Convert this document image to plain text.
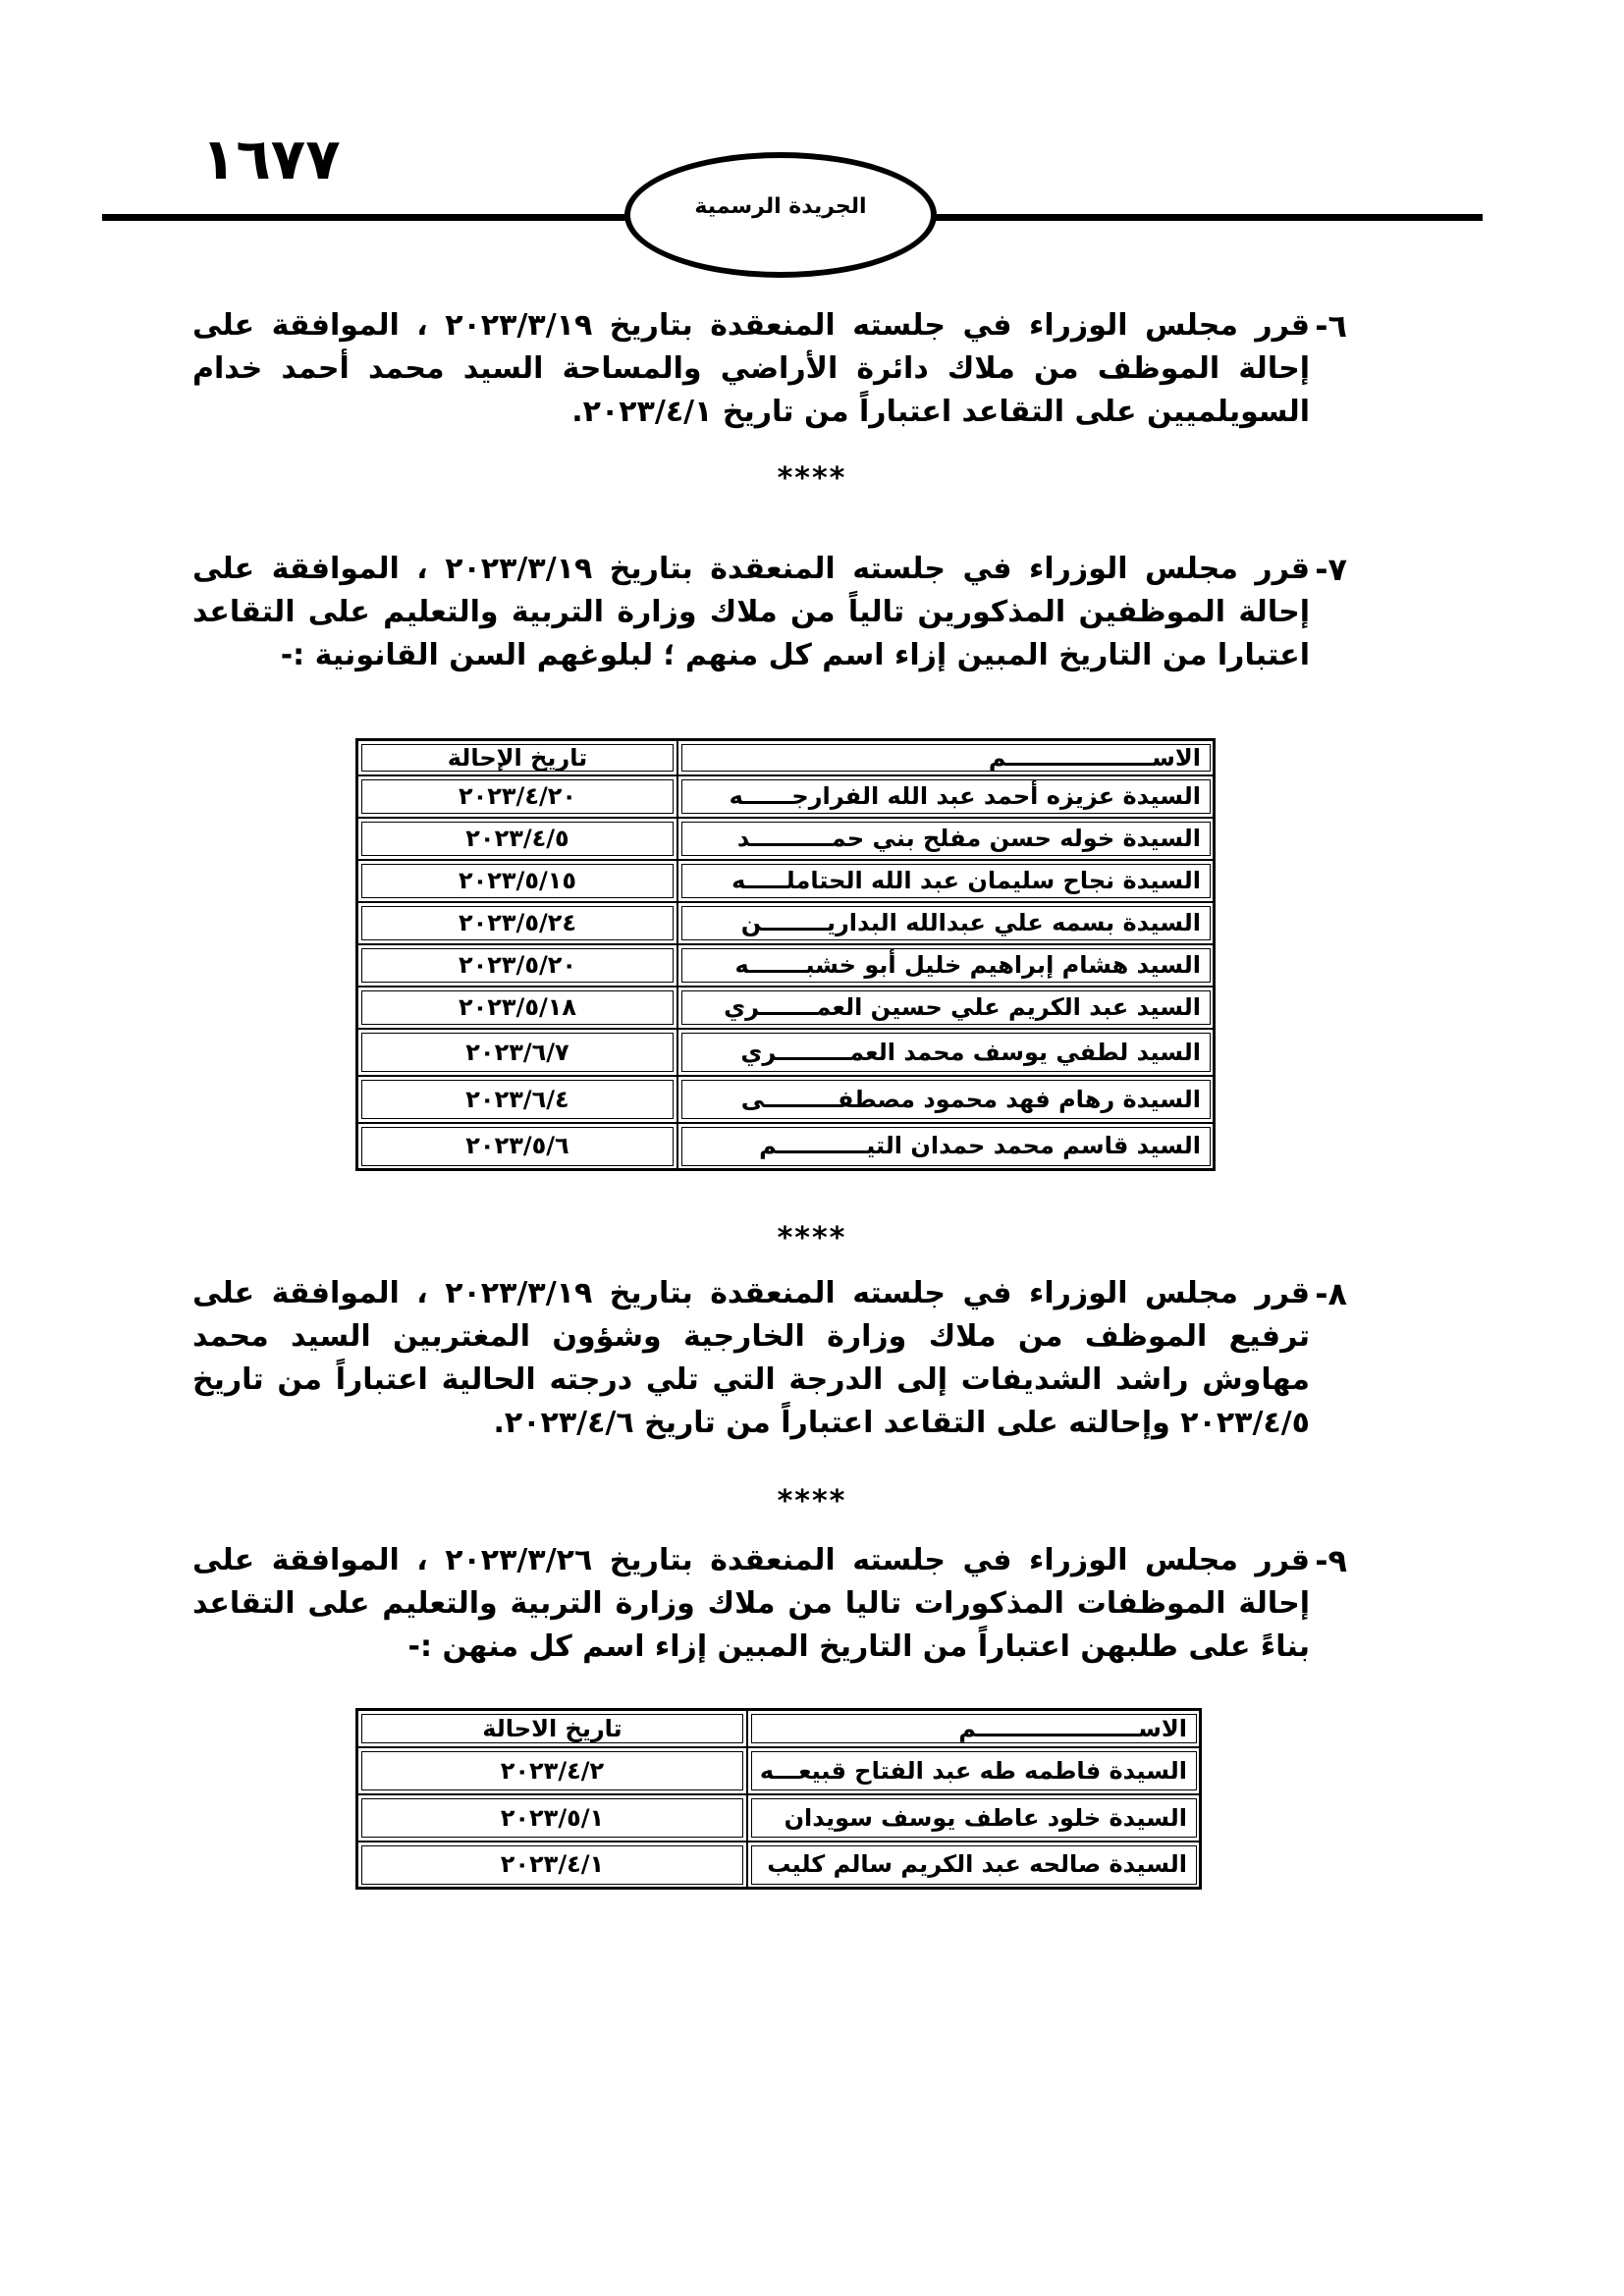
١٦٧٧
الجريدة الرسمية
٦-
قرر مجلس الوزراء في جلسته المنعقدة بتاريخ ٢٠٢٣/٣/١٩ ، الموافقة على إحالة الموظف من ملاك دائرة الأراضي والمساحة السيد محمد أحمد خدام السويلميين على التقاعد اعتباراً من تاريخ ٢٠٢٣/٤/١.
****
٧-
قرر مجلس الوزراء في جلسته المنعقدة بتاريخ ٢٠٢٣/٣/١٩ ، الموافقة على إحالة الموظفين المذكورين تالياً من ملاك وزارة التربية والتعليم على التقاعد اعتبارا من التاريخ المبين إزاء اسم كل منهم ؛ لبلوغهم السن القانونية :-
الاســــــــــــــــــم	تاريخ الإحالة
السيدة عزيزه أحمد عبد الله الفرارجــــــه	٢٠٢٣/٤/٢٠
السيدة خوله حسن مفلح بني حمــــــــــد	٢٠٢٣/٤/٥
السيدة نجاح سليمان عبد الله الحتاملـــــه	٢٠٢٣/٥/١٥
السيدة بسمه علي عبدالله البداريــــــــن	٢٠٢٣/٥/٢٤
السيد هشام إبراهيم خليل أبو خشبـــــــه	٢٠٢٣/٥/٢٠
السيد عبد الكريم علي حسين العمـــــــري	٢٠٢٣/٥/١٨
السيد لطفي يوسف محمد العمـــــــــري	٢٠٢٣/٦/٧
السيدة رهام فهد محمود مصطفـــــــــى	٢٠٢٣/٦/٤
السيد قاسم محمد حمدان التيـــــــــــم	٢٠٢٣/٥/٦
****
٨-
قرر مجلس الوزراء في جلسته المنعقدة بتاريخ ٢٠٢٣/٣/١٩ ، الموافقة على ترفيع الموظف من ملاك وزارة الخارجية وشؤون المغتربين السيد محمد مهاوش راشد الشديفات إلى الدرجة التي تلي درجته الحالية اعتباراً من تاريخ ٢٠٢٣/٤/٥ وإحالته على التقاعد اعتباراً من تاريخ ٢٠٢٣/٤/٦.
****
٩-
قرر مجلس الوزراء في جلسته المنعقدة بتاريخ ٢٠٢٣/٣/٢٦ ، الموافقة على إحالة الموظفات المذكورات تاليا من ملاك وزارة التربية والتعليم على التقاعد بناءً على طلبهن اعتباراً من التاريخ المبين إزاء اسم كل منهن :-
الاســــــــــــــــــــم	تاريخ الاحالة
السيدة فاطمه طه عبد الفتاح قبيعـــه	٢٠٢٣/٤/٢
السيدة خلود عاطف يوسف سويدان	٢٠٢٣/٥/١
السيدة صالحه عبد الكريم سالم كليب	٢٠٢٣/٤/١
